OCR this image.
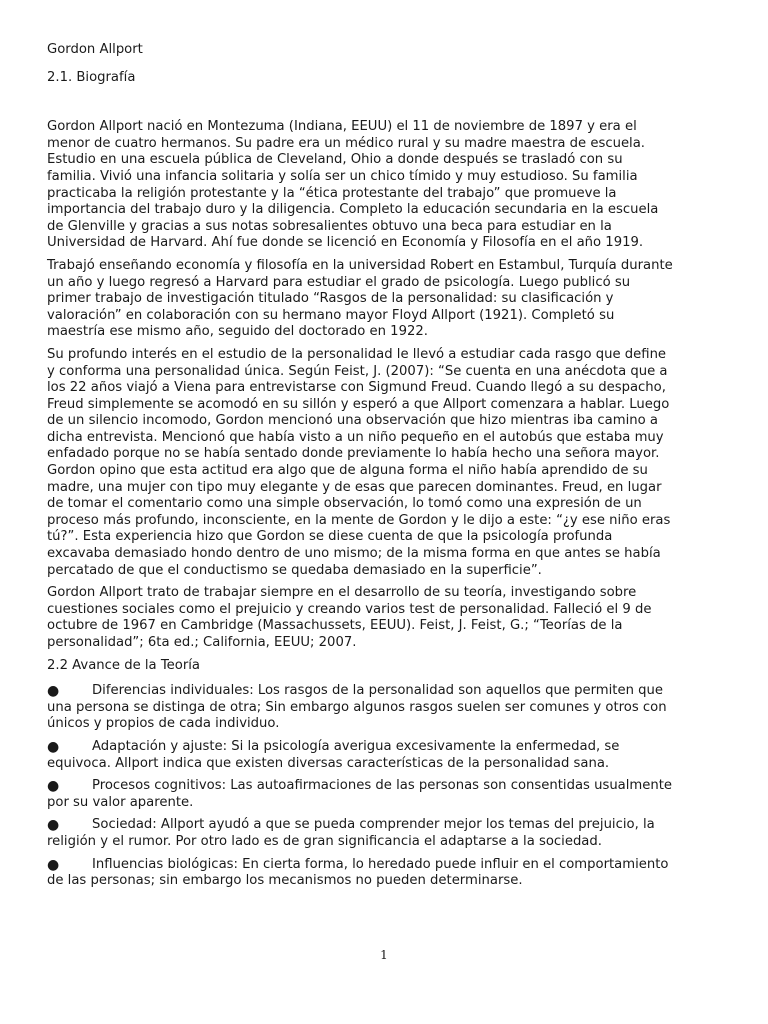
Gordon Allport

2.1. Biografía

Gordon Allport nació en Montezuma (Indiana, EEUU) el 11 de noviembre de 1897 y era el
menor de cuatro hermanos. Su padre era un médico rural y su madre maestra de escuela.
Estudio en una escuela pública de Cleveland, Ohio a donde después se trasladó con su
familia. Vivió una infancia solitaria y solía ser un chico tímido y muy estudioso. Su familia
practicaba la religión protestante y la “ética protestante del trabajo” que promueve la
importancia del trabajo duro y la diligencia. Completo la educación secundaria en la escuela
de Glenville y gracias a sus notas sobresalientes obtuvo una beca para estudiar en la
Universidad de Harvard. Ahí fue donde se licenció en Economía y Filosofía en el año 1919.
Trabajó enseñando economía y filosofía en la universidad Robert en Estambul, Turquía durante
un año y luego regresó a Harvard para estudiar el grado de psicología. Luego publicó su
primer trabajo de investigación titulado “Rasgos de la personalidad: su clasificación y
valoración” en colaboración con su hermano mayor Floyd Allport (1921). Completó su
maestría ese mismo año, seguido del doctorado en 1922.
Su profundo interés en el estudio de la personalidad le llevó a estudiar cada rasgo que define
y conforma una personalidad única. Según Feist, J. (2007): “Se cuenta en una anécdota que a
los 22 años viajó a Viena para entrevistarse con Sigmund Freud. Cuando llegó a su despacho,
Freud simplemente se acomodó en su sillón y esperó a que Allport comenzara a hablar. Luego
de un silencio incomodo, Gordon mencionó una observación que hizo mientras iba camino a
dicha entrevista. Mencionó que había visto a un niño pequeño en el autobús que estaba muy
enfadado porque no se había sentado donde previamente lo había hecho una señora mayor.
Gordon opino que esta actitud era algo que de alguna forma el niño había aprendido de su
madre, una mujer con tipo muy elegante y de esas que parecen dominantes. Freud, en lugar
de tomar el comentario como una simple observación, lo tomó como una expresión de un
proceso más profundo, inconsciente, en la mente de Gordon y le dijo a este: “¿y ese niño eras
tú?”. Esta experiencia hizo que Gordon se diese cuenta de que la psicología profunda
excavaba demasiado hondo dentro de uno mismo; de la misma forma en que antes se había
percatado de que el conductismo se quedaba demasiado en la superficie”.
Gordon Allport trato de trabajar siempre en el desarrollo de su teoría, investigando sobre
cuestiones sociales como el prejuicio y creando varios test de personalidad. Falleció el 9 de
octubre de 1967 en Cambridge (Massachussets, EEUU). Feist, J. Feist, G.; “Teorías de la
personalidad”; 6ta ed.; California, EEUU; 2007.

2.2 Avance de la Teoría

●	Diferencias individuales: Los rasgos de la personalidad son aquellos que permiten que
una persona se distinga de otra; Sin embargo algunos rasgos suelen ser comunes y otros con
únicos y propios de cada individuo.
●	Adaptación y ajuste: Si la psicología averigua excesivamente la enfermedad, se
equivoca. Allport indica que existen diversas características de la personalidad sana.
●	Procesos cognitivos: Las autoafirmaciones de las personas son consentidas usualmente
por su valor aparente.
●	Sociedad: Allport ayudó a que se pueda comprender mejor los temas del prejuicio, la
religión y el rumor. Por otro lado es de gran significancia el adaptarse a la sociedad.
●	Influencias biológicas: En cierta forma, lo heredado puede influir en el comportamiento
de las personas; sin embargo los mecanismos no pueden determinarse.
1
